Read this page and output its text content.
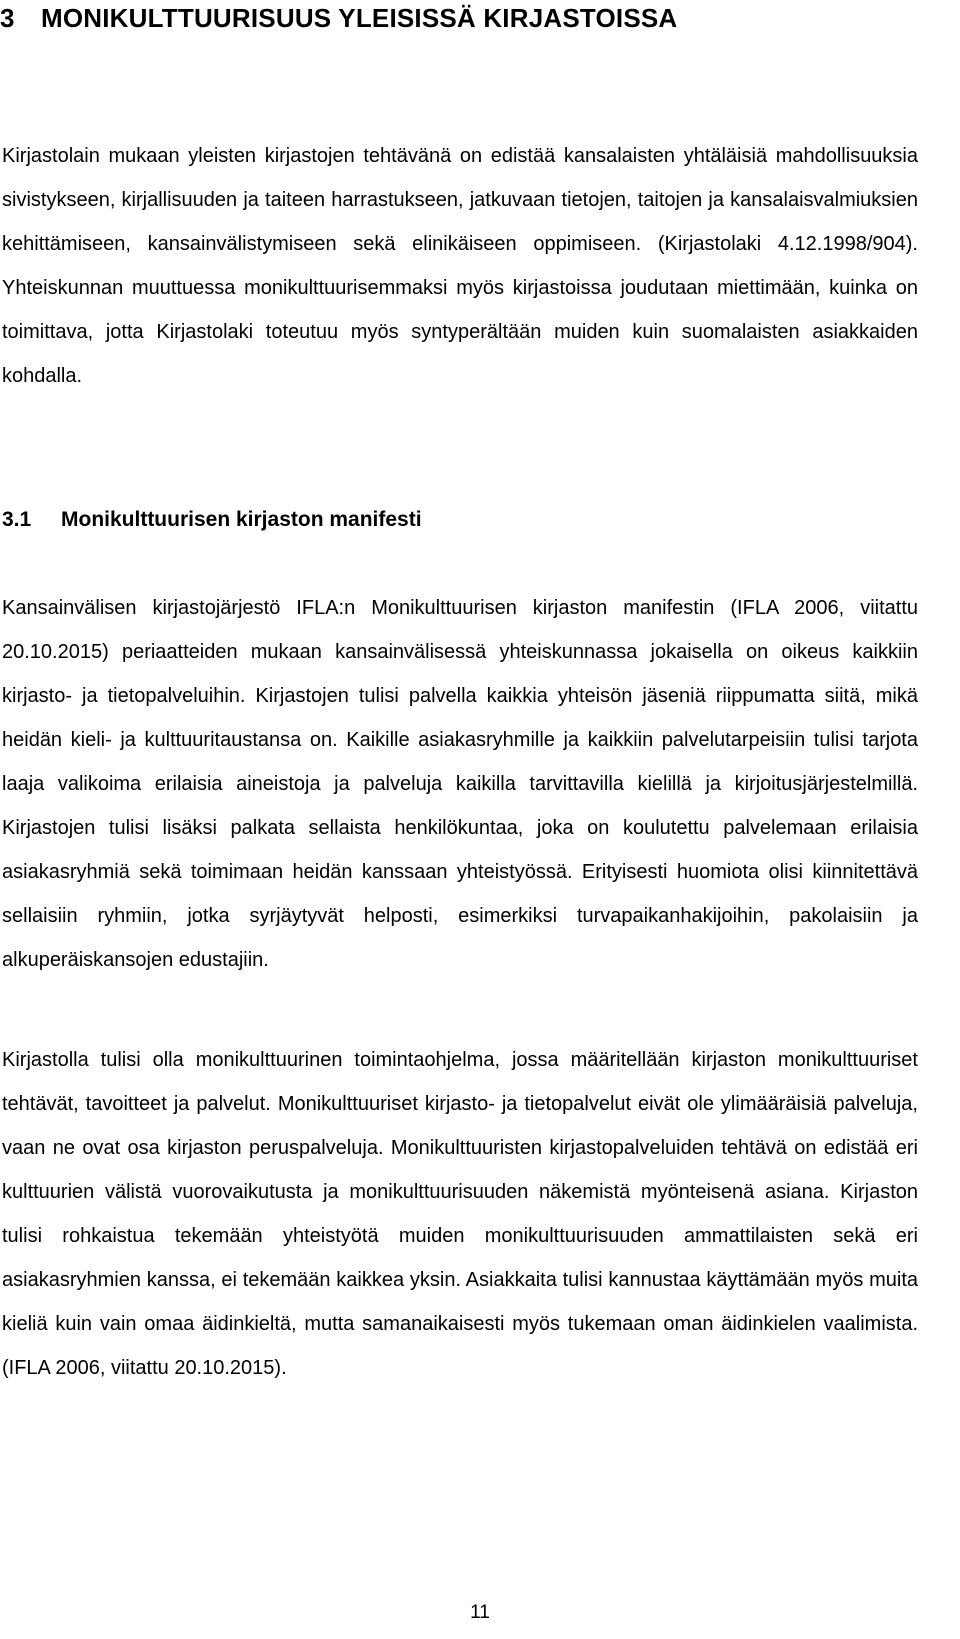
3 MONIKULTTUURISUUS YLEISISSÄ KIRJASTOISSA

Kirjastolain mukaan yleisten kirjastojen tehtävänä on edistää kansalaisten yhtäläisiä mahdollisuuksia sivistykseen, kirjallisuuden ja taiteen harrastukseen, jatkuvaan tietojen, taitojen ja kansalaisvalmiuksien kehittämiseen, kansainvälistymiseen sekä elinikäiseen oppimiseen. (Kirjastolaki 4.12.1998/904). Yhteiskunnan muuttuessa monikulttuurisemmaksi myös kirjastoissa joudutaan miettimään, kuinka on toimittava, jotta Kirjastolaki toteutuu myös syntyperältään muiden kuin suomalaisten asiakkaiden kohdalla.

3.1 Monikulttuurisen kirjaston manifesti

Kansainvälisen kirjastojärjestö IFLA:n Monikulttuurisen kirjaston manifestin (IFLA 2006, viitattu 20.10.2015) periaatteiden mukaan kansainvälisessä yhteiskunnassa jokaisella on oikeus kaikkiin kirjasto- ja tietopalveluihin. Kirjastojen tulisi palvella kaikkia yhteisön jäseniä riippumatta siitä, mikä heidän kieli- ja kulttuuritaustansa on. Kaikille asiakasryhmille ja kaikkiin palvelutarpeisiin tulisi tarjota laaja valikoima erilaisia aineistoja ja palveluja kaikilla tarvittavilla kielillä ja kirjoitusjärjestelmillä. Kirjastojen tulisi lisäksi palkata sellaista henkilökuntaa, joka on koulutettu palvelemaan erilaisia asiakasryhmiä sekä toimimaan heidän kanssaan yhteistyössä. Erityisesti huomiota olisi kiinnitettävä sellaisiin ryhmiin, jotka syrjäytyvät helposti, esimerkiksi turvapaikanhakijoihin, pakolaisiin ja alkuperäiskansojen edustajiin.

Kirjastolla tulisi olla monikulttuurinen toimintaohjelma, jossa määritellään kirjaston monikulttuuriset tehtävät, tavoitteet ja palvelut. Monikulttuuriset kirjasto- ja tietopalvelut eivät ole ylimääräisiä palveluja, vaan ne ovat osa kirjaston peruspalveluja. Monikulttuuristen kirjastopalveluiden tehtävä on edistää eri kulttuurien välistä vuorovaikutusta ja monikulttuurisuuden näkemistä myönteisenä asiana. Kirjaston tulisi rohkaistua tekemään yhteistyötä muiden monikulttuurisuuden ammattilaisten sekä eri asiakasryhmien kanssa, ei tekemään kaikkea yksin. Asiakkaita tulisi kannustaa käyttämään myös muita kieliä kuin vain omaa äidinkieltä, mutta samanaikaisesti myös tukemaan oman äidinkielen vaalimista. (IFLA 2006, viitattu 20.10.2015).

11
